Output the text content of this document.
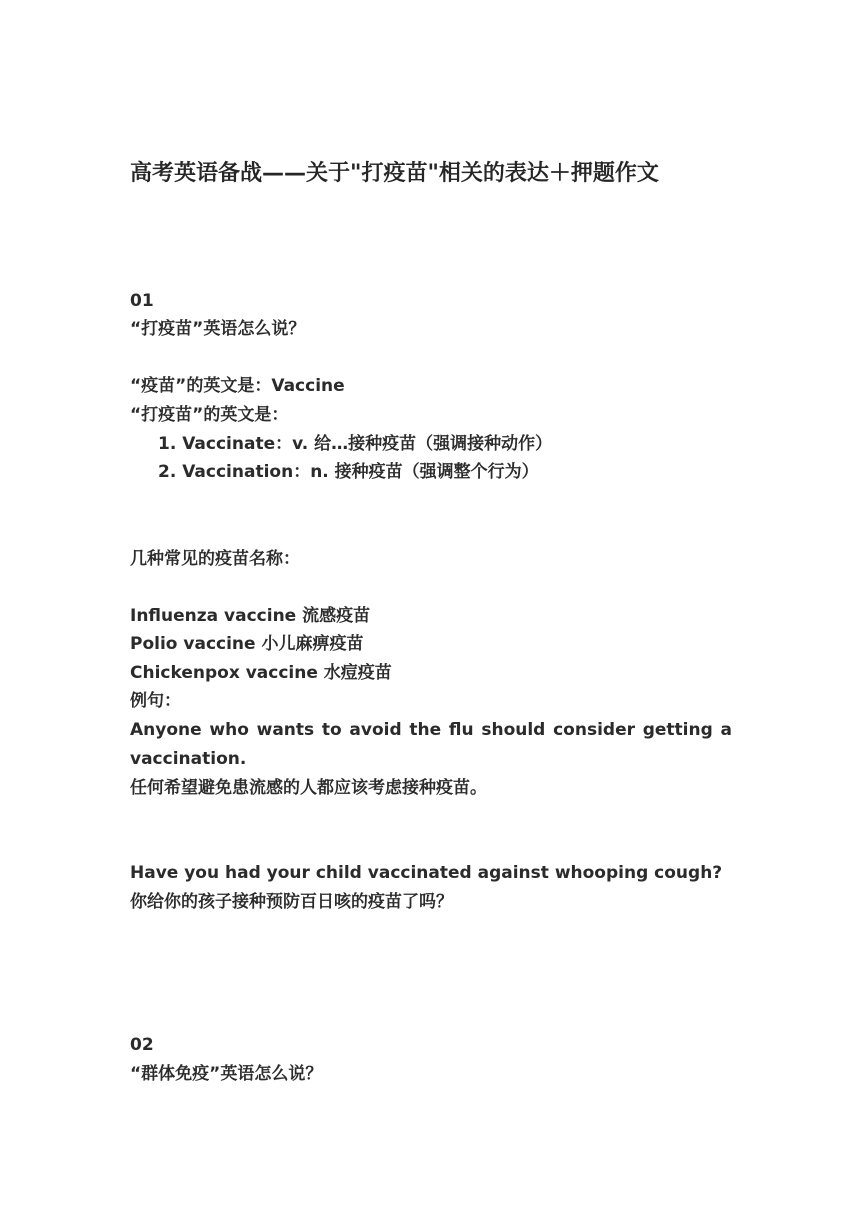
高考英语备战——关于"打疫苗"相关的表达＋押题作文
01
“打疫苗”英语怎么说？
“疫苗”的英文是：Vaccine
“打疫苗”的英文是：
1. Vaccinate：v. 给…接种疫苗（强调接种动作）
2. Vaccination：n. 接种疫苗（强调整个行为）
几种常见的疫苗名称：
Influenza vaccine 流感疫苗
Polio vaccine 小儿麻痹疫苗
Chickenpox vaccine 水痘疫苗
例句：
Anyone who wants to avoid the flu should consider getting a vaccination.
任何希望避免患流感的人都应该考虑接种疫苗。
Have you had your child vaccinated against whooping cough?
你给你的孩子接种预防百日咳的疫苗了吗？
02
“群体免疫”英语怎么说？
